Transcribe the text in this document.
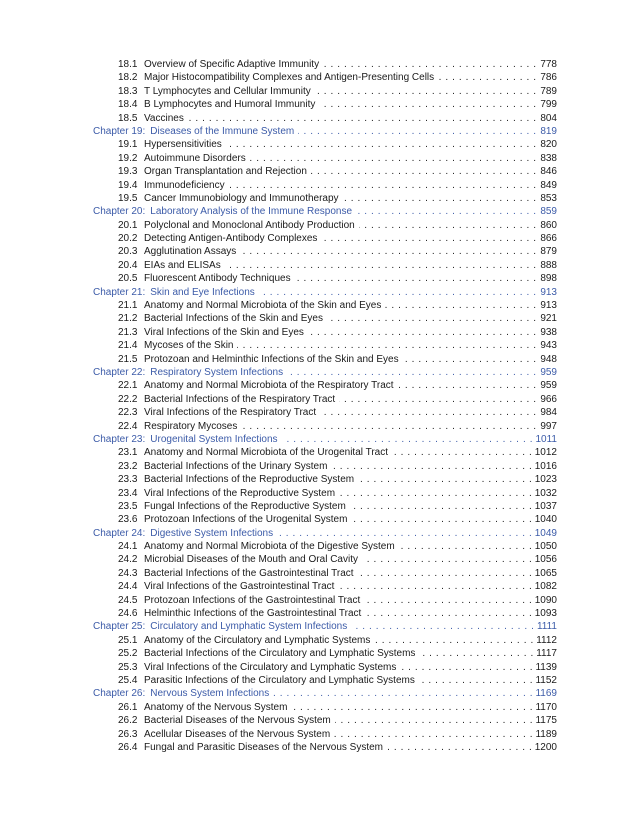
18.1 Overview of Specific Adaptive Immunity . . .	778
18.2 Major Histocompatibility Complexes and Antigen-Presenting Cells . . .	786
18.3 T Lymphocytes and Cellular Immunity . . .	789
18.4 B Lymphocytes and Humoral Immunity . . .	799
18.5 Vaccines . . .	804
Chapter 19: Diseases of the Immune System . . .	819
19.1 Hypersensitivities . . .	820
19.2 Autoimmune Disorders . . .	838
19.3 Organ Transplantation and Rejection . . .	846
19.4 Immunodeficiency . . .	849
19.5 Cancer Immunobiology and Immunotherapy . . .	853
Chapter 20: Laboratory Analysis of the Immune Response . . .	859
20.1 Polyclonal and Monoclonal Antibody Production . . .	860
20.2 Detecting Antigen-Antibody Complexes . . .	866
20.3 Agglutination Assays . . .	879
20.4 EIAs and ELISAs . . .	888
20.5 Fluorescent Antibody Techniques . . .	898
Chapter 21: Skin and Eye Infections . . .	913
21.1 Anatomy and Normal Microbiota of the Skin and Eyes . . .	913
21.2 Bacterial Infections of the Skin and Eyes . . .	921
21.3 Viral Infections of the Skin and Eyes . . .	938
21.4 Mycoses of the Skin . . .	943
21.5 Protozoan and Helminthic Infections of the Skin and Eyes . . .	948
Chapter 22: Respiratory System Infections . . .	959
22.1 Anatomy and Normal Microbiota of the Respiratory Tract . . .	959
22.2 Bacterial Infections of the Respiratory Tract . . .	966
22.3 Viral Infections of the Respiratory Tract . . .	984
22.4 Respiratory Mycoses . . .	997
Chapter 23: Urogenital System Infections . . .	1011
23.1 Anatomy and Normal Microbiota of the Urogenital Tract . . .	1012
23.2 Bacterial Infections of the Urinary System . . .	1016
23.3 Bacterial Infections of the Reproductive System . . .	1023
23.4 Viral Infections of the Reproductive System . . .	1032
23.5 Fungal Infections of the Reproductive System . . .	1037
23.6 Protozoan Infections of the Urogenital System . . .	1040
Chapter 24: Digestive System Infections . . .	1049
24.1 Anatomy and Normal Microbiota of the Digestive System . . .	1050
24.2 Microbial Diseases of the Mouth and Oral Cavity . . .	1056
24.3 Bacterial Infections of the Gastrointestinal Tract . . .	1065
24.4 Viral Infections of the Gastrointestinal Tract . . .	1082
24.5 Protozoan Infections of the Gastrointestinal Tract . . .	1090
24.6 Helminthic Infections of the Gastrointestinal Tract . . .	1093
Chapter 25: Circulatory and Lymphatic System Infections . . .	1111
25.1 Anatomy of the Circulatory and Lymphatic Systems . . .	1112
25.2 Bacterial Infections of the Circulatory and Lymphatic Systems . . .	1117
25.3 Viral Infections of the Circulatory and Lymphatic Systems . . .	1139
25.4 Parasitic Infections of the Circulatory and Lymphatic Systems . . .	1152
Chapter 26: Nervous System Infections . . .	1169
26.1 Anatomy of the Nervous System . . .	1170
26.2 Bacterial Diseases of the Nervous System . . .	1175
26.3 Acellular Diseases of the Nervous System . . .	1189
26.4 Fungal and Parasitic Diseases of the Nervous System . . .	1200
